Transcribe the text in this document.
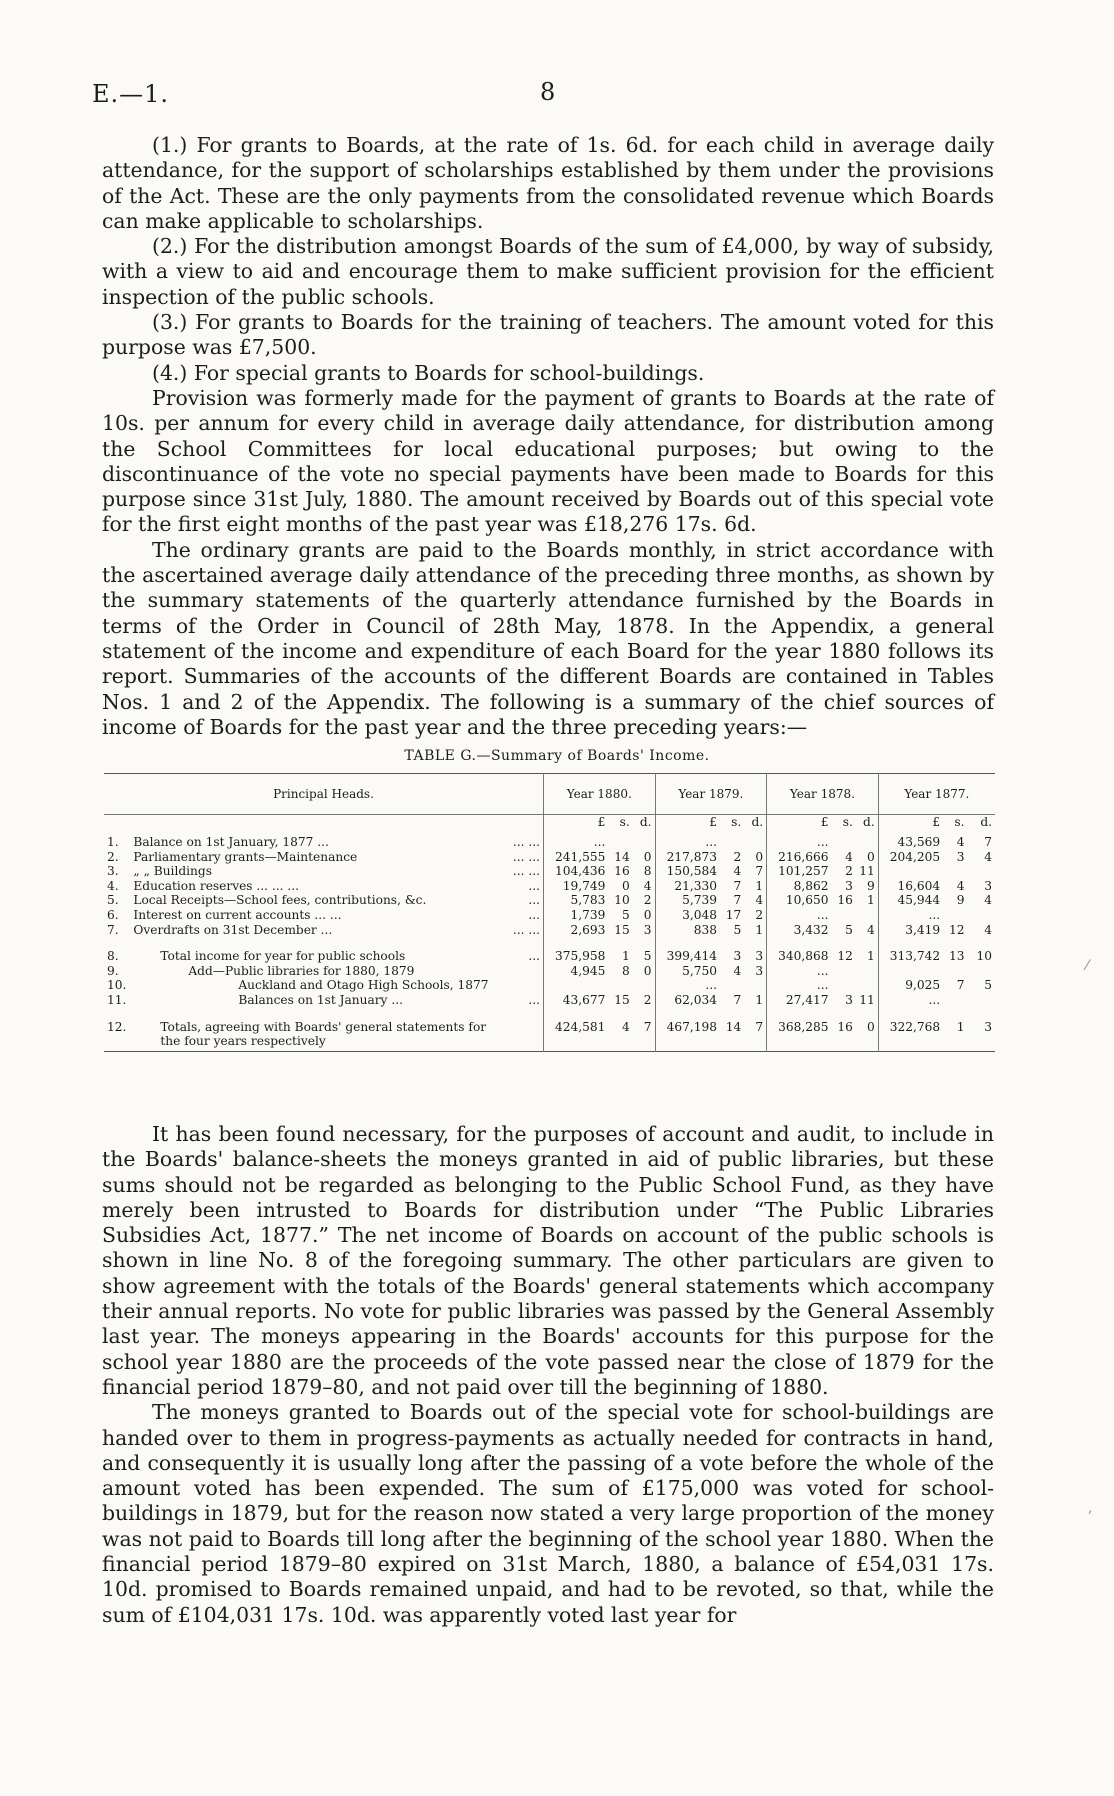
E.—1.	8

(1.) For grants to Boards, at the rate of 1s. 6d. for each child in average daily attendance, for the support of scholarships established by them under the provisions of the Act. These are the only payments from the consolidated revenue which Boards can make applicable to scholarships.

(2.) For the distribution amongst Boards of the sum of £4,000, by way of subsidy, with a view to aid and encourage them to make sufficient provision for the efficient inspection of the public schools.

(3.) For grants to Boards for the training of teachers. The amount voted for this purpose was £7,500.

(4.) For special grants to Boards for school-buildings.

Provision was formerly made for the payment of grants to Boards at the rate of 10s. per annum for every child in average daily attendance, for distribution among the School Committees for local educational purposes; but owing to the discontinuance of the vote no special payments have been made to Boards for this purpose since 31st July, 1880. The amount received by Boards out of this special vote for the first eight months of the past year was £18,276 17s. 6d.

The ordinary grants are paid to the Boards monthly, in strict accordance with the ascertained average daily attendance of the preceding three months, as shown by the summary statements of the quarterly attendance furnished by the Boards in terms of the Order in Council of 28th May, 1878. In the Appendix, a general statement of the income and expenditure of each Board for the year 1880 follows its report. Summaries of the accounts of the different Boards are contained in Tables Nos. 1 and 2 of the Appendix. The following is a summary of the chief sources of income of Boards for the past year and the three preceding years:—

TABLE G.—Summary of Boards' Income.
Principal Heads.			Year 1880.			Year 1879.			Year 1878.			Year 1877.		
			£	s.	d.	£	s.	d.	£	s.	d.	£	s.	d.
1.	Balance on 1st January, 1877 ...	... ...	...			...			...			43,569	4	7
2.	Parliamentary grants—Maintenance	... ...	241,555	14	0	217,873	2	0	216,666	4	0	204,205	3	4
3.	„ „ Buildings	... ...	104,436	16	8	150,584	4	7	101,257	2	11			
4.	Education reserves ... ... ...	...	19,749	0	4	21,330	7	1	8,862	3	9	16,604	4	3
5.	Local Receipts—School fees, contributions, &c.	...	5,783	10	2	5,739	7	4	10,650	16	1	45,944	9	4
6.	Interest on current accounts ... ...	...	1,739	5	0	3,048	17	2	...			...		
7.	Overdrafts on 31st December ...	... ...	2,693	15	3	838	5	1	3,432	5	4	3,419	12	4

8.	Total income for year for public schools	...	375,958	1	5	399,414	3	3	340,868	12	1	313,742	13	10
9.	Add—Public libraries for 1880, 1879		4,945	8	0	5,750	4	3	...					
10.	Auckland and Otago High Schools, 1877					...			...			9,025	7	5
11.	Balances on 1st January ...	...	43,677	15	2	62,034	7	1	27,417	3	11	...		

12.	Totals, agreeing with Boards' general statements for the four years respectively		424,581	4	7	467,198	14	7	368,285	16	0	322,768	1	3

It has been found necessary, for the purposes of account and audit, to include in the Boards' balance-sheets the moneys granted in aid of public libraries, but these sums should not be regarded as belonging to the Public School Fund, as they have merely been intrusted to Boards for distribution under “The Public Libraries Subsidies Act, 1877.” The net income of Boards on account of the public schools is shown in line No. 8 of the foregoing summary. The other particulars are given to show agreement with the totals of the Boards' general statements which accompany their annual reports. No vote for public libraries was passed by the General Assembly last year. The moneys appearing in the Boards' accounts for this purpose for the school year 1880 are the proceeds of the vote passed near the close of 1879 for the financial period 1879–80, and not paid over till the beginning of 1880.

The moneys granted to Boards out of the special vote for school-buildings are handed over to them in progress-payments as actually needed for contracts in hand, and consequently it is usually long after the passing of a vote before the whole of the amount voted has been expended. The sum of £175,000 was voted for school-buildings in 1879, but for the reason now stated a very large proportion of the money was not paid to Boards till long after the beginning of the school year 1880. When the financial period 1879–80 expired on 31st March, 1880, a balance of £54,031 17s. 10d. promised to Boards remained unpaid, and had to be revoted, so that, while the sum of £104,031 17s. 10d. was apparently voted last year for

⁄
,
